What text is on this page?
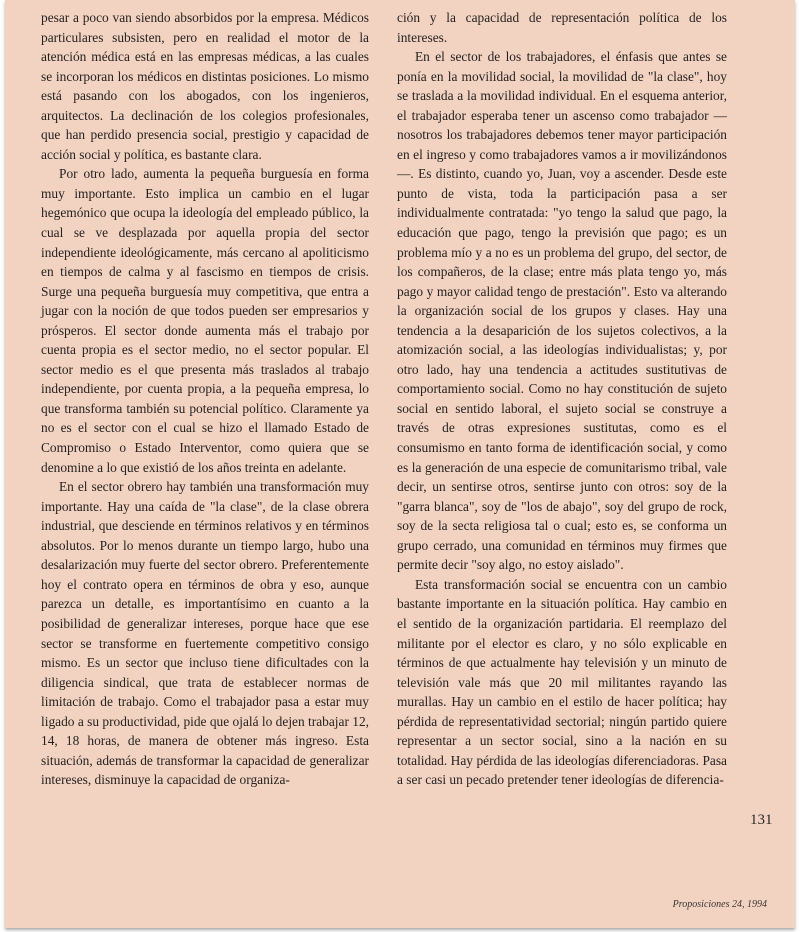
pesar a poco van siendo absorbidos por la empresa. Médicos particulares subsisten, pero en realidad el motor de la atención médica está en las empresas médicas, a las cuales se incorporan los médicos en distintas posiciones. Lo mismo está pasando con los abogados, con los ingenieros, arquitectos. La declinación de los colegios profesionales, que han perdido presencia social, prestigio y capacidad de acción social y política, es bastante clara.

Por otro lado, aumenta la pequeña burguesía en forma muy importante. Esto implica un cambio en el lugar hegemónico que ocupa la ideología del empleado público, la cual se ve desplazada por aquella propia del sector independiente ideológicamente, más cercano al apoliticismo en tiempos de calma y al fascismo en tiempos de crisis. Surge una pequeña burguesía muy competitiva, que entra a jugar con la noción de que todos pueden ser empresarios y prósperos. El sector donde aumenta más el trabajo por cuenta propia es el sector medio, no el sector popular. El sector medio es el que presenta más traslados al trabajo independiente, por cuenta propia, a la pequeña empresa, lo que transforma también su potencial político. Claramente ya no es el sector con el cual se hizo el llamado Estado de Compromiso o Estado Interventor, como quiera que se denomine a lo que existió de los años treinta en adelante.

En el sector obrero hay también una transformación muy importante. Hay una caída de "la clase", de la clase obrera industrial, que desciende en términos relativos y en términos absolutos. Por lo menos durante un tiempo largo, hubo una desalarización muy fuerte del sector obrero. Preferentemente hoy el contrato opera en términos de obra y eso, aunque parezca un detalle, es importantísimo en cuanto a la posibilidad de generalizar intereses, porque hace que ese sector se transforme en fuertemente competitivo consigo mismo. Es un sector que incluso tiene dificultades con la diligencia sindical, que trata de establecer normas de limitación de trabajo. Como el trabajador pasa a estar muy ligado a su productividad, pide que ojalá lo dejen trabajar 12, 14, 18 horas, de manera de obtener más ingreso. Esta situación, además de transformar la capacidad de generalizar intereses, disminuye la capacidad de organiza-

ción y la capacidad de representación política de los intereses.

En el sector de los trabajadores, el énfasis que antes se ponía en la movilidad social, la movilidad de "la clase", hoy se traslada a la movilidad individual. En el esquema anterior, el trabajador esperaba tener un ascenso como trabajador —nosotros los trabajadores debemos tener mayor participación en el ingreso y como trabajadores vamos a ir movilizándonos—. Es distinto, cuando yo, Juan, voy a ascender. Desde este punto de vista, toda la participación pasa a ser individualmente contratada: "yo tengo la salud que pago, la educación que pago, tengo la previsión que pago; es un problema mío y a no es un problema del grupo, del sector, de los compañeros, de la clase; entre más plata tengo yo, más pago y mayor calidad tengo de prestación". Esto va alterando la organización social de los grupos y clases. Hay una tendencia a la desaparición de los sujetos colectivos, a la atomización social, a las ideologías individualistas; y, por otro lado, hay una tendencia a actitudes sustitutivas de comportamiento social. Como no hay constitución de sujeto social en sentido laboral, el sujeto social se construye a través de otras expresiones sustitutas, como es el consumismo en tanto forma de identificación social, y como es la generación de una especie de comunitarismo tribal, vale decir, un sentirse otros, sentirse junto con otros: soy de la "garra blanca", soy de "los de abajo", soy del grupo de rock, soy de la secta religiosa tal o cual; esto es, se conforma un grupo cerrado, una comunidad en términos muy firmes que permite decir "soy algo, no estoy aislado".

Esta transformación social se encuentra con un cambio bastante importante en la situación política. Hay cambio en el sentido de la organización partidaria. El reemplazo del militante por el elector es claro, y no sólo explicable en términos de que actualmente hay televisión y un minuto de televisión vale más que 20 mil militantes rayando las murallas. Hay un cambio en el estilo de hacer política; hay pérdida de representatividad sectorial; ningún partido quiere representar a un sector social, sino a la nación en su totalidad. Hay pérdida de las ideologías diferenciadoras. Pasa a ser casi un pecado pretender tener ideologías de diferencia-

131
Proposiciones 24, 1994
